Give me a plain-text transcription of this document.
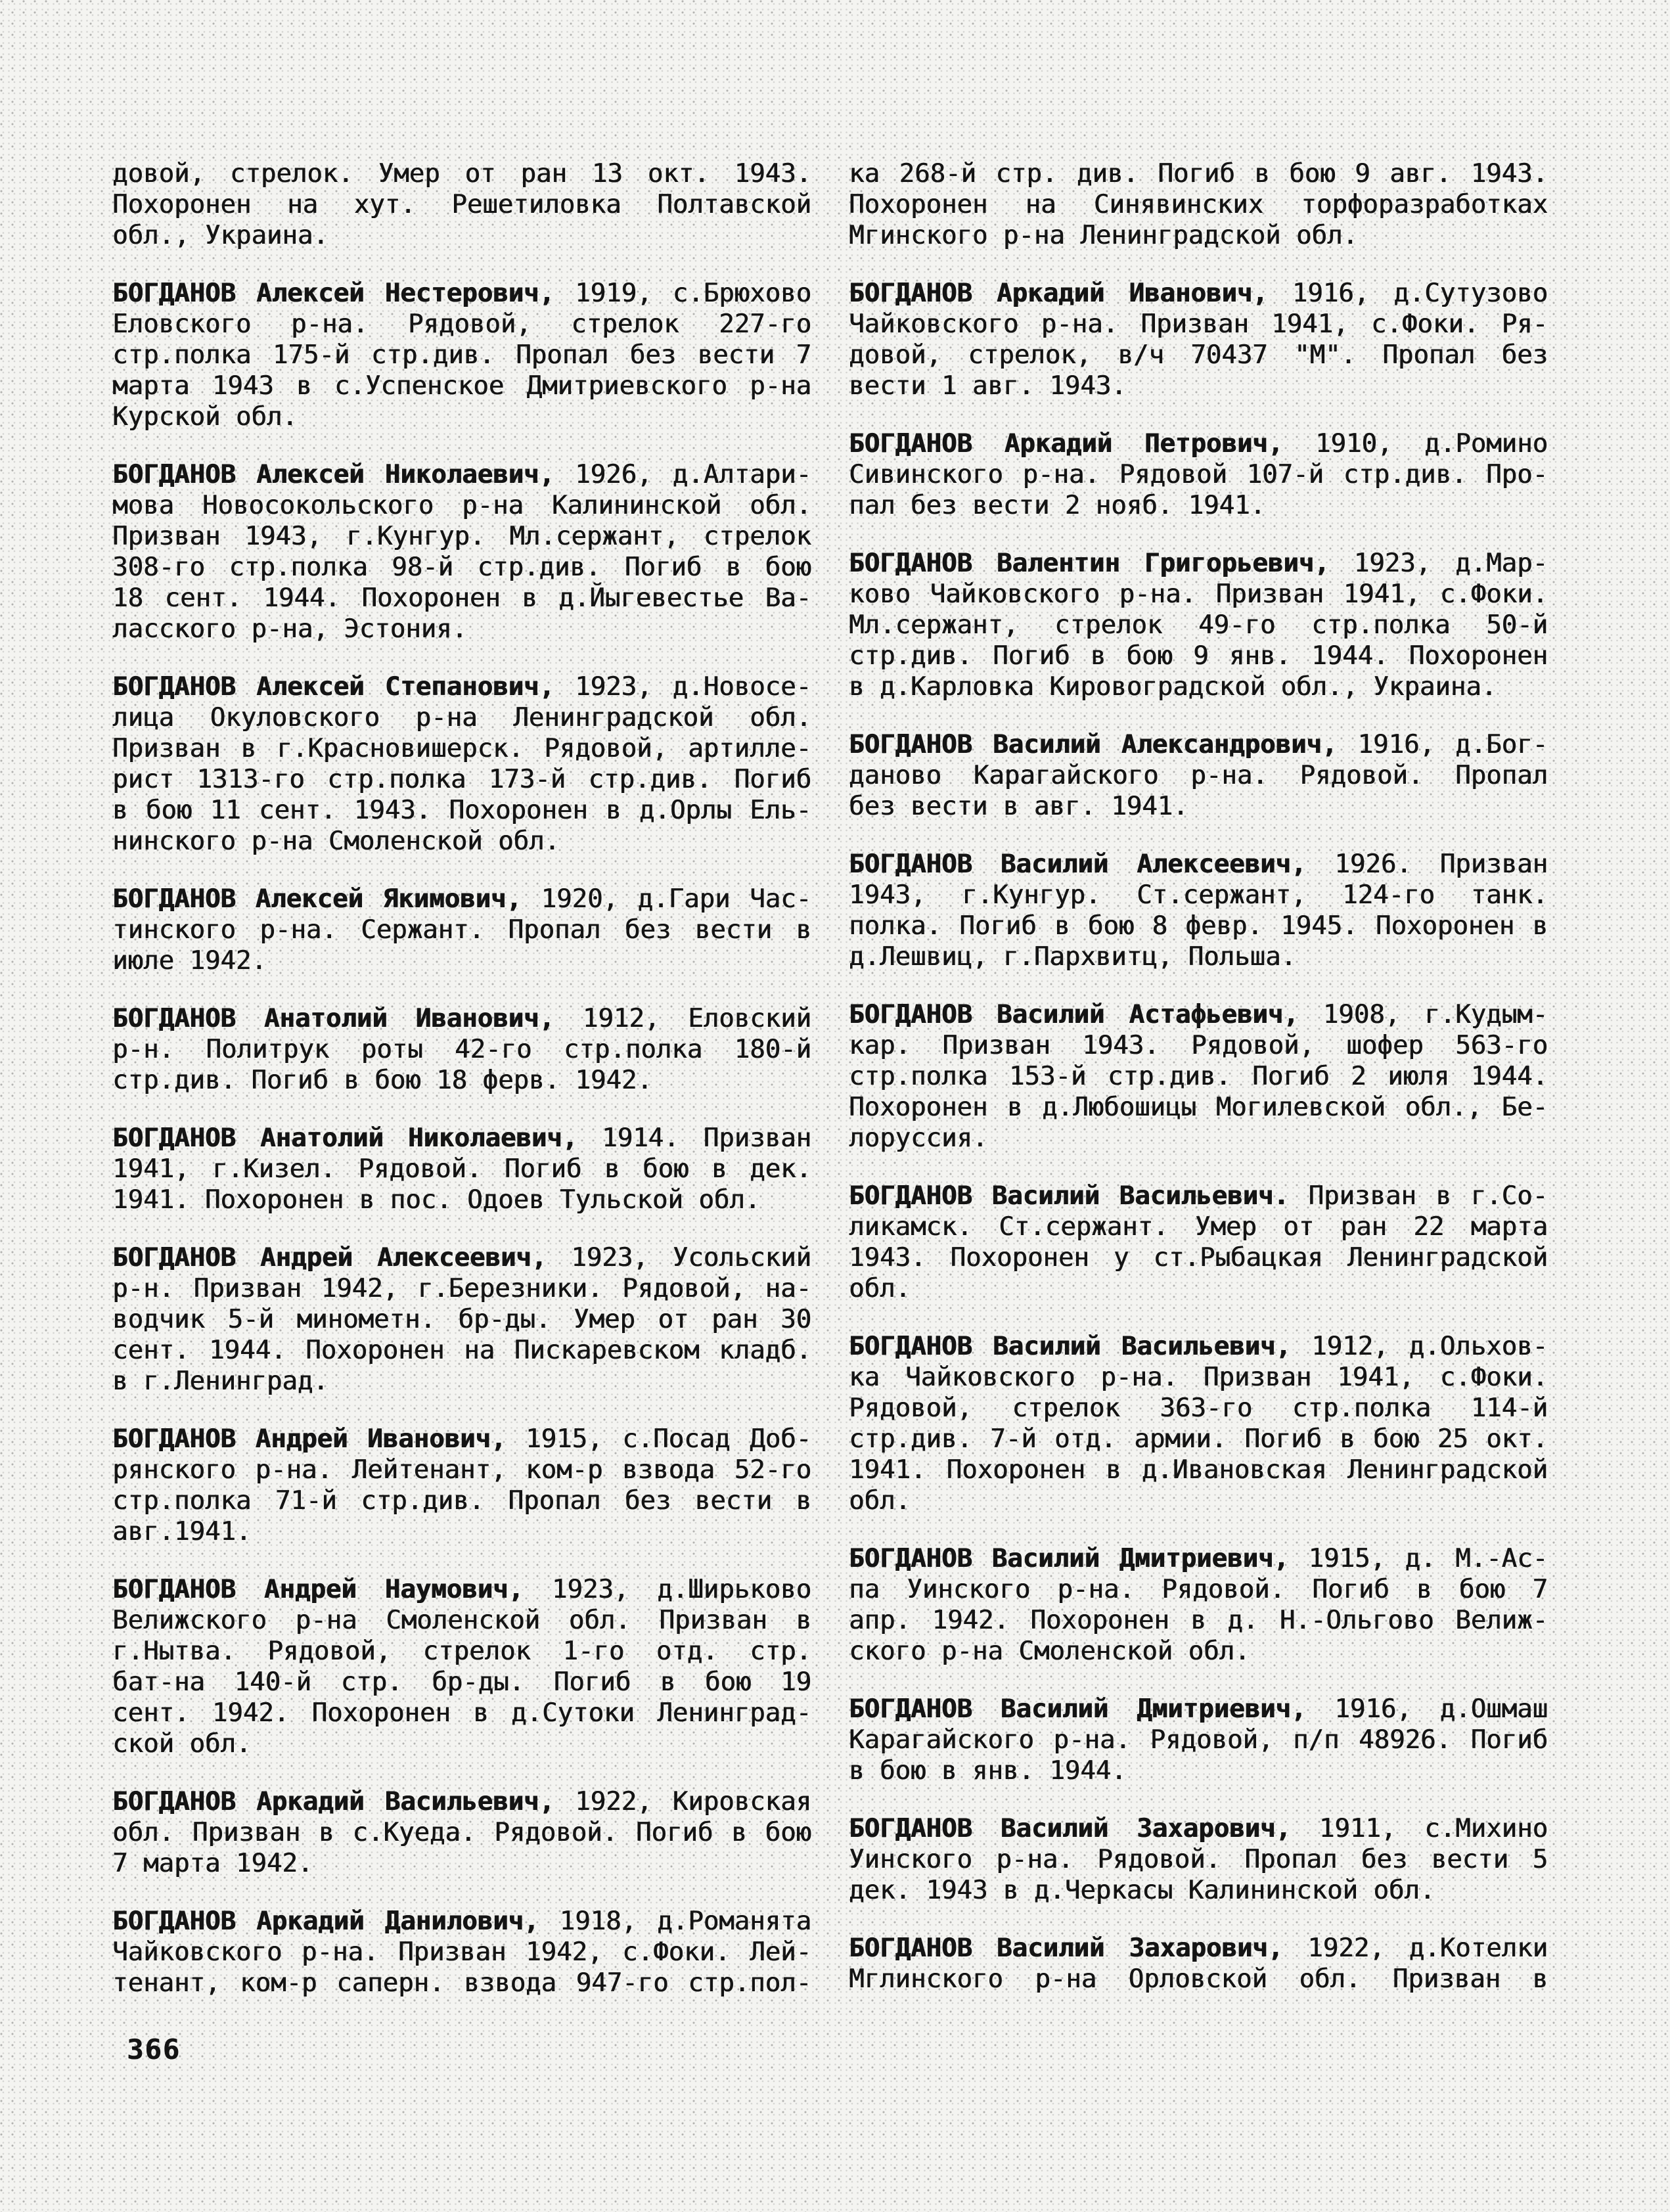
довой, стрелок. Умер от ран 13 окт. 1943.
Похоронен на хут. Решетиловка Полтавской
обл., Украина.
БОГДАНОВ Алексей Нестерович, 1919, с.Брюхово
Еловского р-на. Рядовой, стрелок 227-го
стр.полка 175-й стр.див. Пропал без вести 7
марта 1943 в с.Успенское Дмитриевского р-на
Курской обл.
БОГДАНОВ Алексей Николаевич, 1926, д.Алтари-
мова Новосокольского р-на Калининской обл.
Призван 1943, г.Кунгур. Мл.сержант, стрелок
308-го стр.полка 98-й стр.див. Погиб в бою
18 сент. 1944. Похоронен в д.Йыгевестье Ва-
ласского р-на, Эстония.
БОГДАНОВ Алексей Степанович, 1923, д.Новосе-
лица Окуловского р-на Ленинградской обл.
Призван в г.Красновишерск. Рядовой, артилле-
рист 1313-го стр.полка 173-й стр.див. Погиб
в бою 11 сент. 1943. Похоронен в д.Орлы Ель-
нинского р-на Смоленской обл.
БОГДАНОВ Алексей Якимович, 1920, д.Гари Час-
тинского р-на. Сержант. Пропал без вести в
июле 1942.
БОГДАНОВ Анатолий Иванович, 1912, Еловский
р-н. Политрук роты 42-го стр.полка 180-й
стр.див. Погиб в бою 18 ферв. 1942.
БОГДАНОВ Анатолий Николаевич, 1914. Призван
1941, г.Кизел. Рядовой. Погиб в бою в дек.
1941. Похоронен в пос. Одоев Тульской обл.
БОГДАНОВ Андрей Алексеевич, 1923, Усольский
р-н. Призван 1942, г.Березники. Рядовой, на-
водчик 5-й минометн. бр-ды. Умер от ран 30
сент. 1944. Похоронен на Пискаревском кладб.
в г.Ленинград.
БОГДАНОВ Андрей Иванович, 1915, с.Посад Доб-
рянского р-на. Лейтенант, ком-р взвода 52-го
стр.полка 71-й стр.див. Пропал без вести в
авг.1941.
БОГДАНОВ Андрей Наумович, 1923, д.Ширьково
Велижского р-на Смоленской обл. Призван в
г.Нытва. Рядовой, стрелок 1-го отд. стр.
бат-на 140-й стр. бр-ды. Погиб в бою 19
сент. 1942. Похоронен в д.Сутоки Ленинград-
ской обл.
БОГДАНОВ Аркадий Васильевич, 1922, Кировская
обл. Призван в с.Куеда. Рядовой. Погиб в бою
7 марта 1942.
БОГДАНОВ Аркадий Данилович, 1918, д.Романята
Чайковского р-на. Призван 1942, с.Фоки. Лей-
тенант, ком-р саперн. взвода 947-го стр.пол-
ка 268-й стр. див. Погиб в бою 9 авг. 1943.
Похоронен на Синявинских торфоразработках
Мгинского р-на Ленинградской обл.
БОГДАНОВ Аркадий Иванович, 1916, д.Сутузово
Чайковского р-на. Призван 1941, с.Фоки. Ря-
довой, стрелок, в/ч 70437 "М". Пропал без
вести 1 авг. 1943.
БОГДАНОВ Аркадий Петрович, 1910, д.Ромино
Сивинского р-на. Рядовой 107-й стр.див. Про-
пал без вести 2 нояб. 1941.
БОГДАНОВ Валентин Григорьевич, 1923, д.Мар-
ково Чайковского р-на. Призван 1941, с.Фоки.
Мл.сержант, стрелок 49-го стр.полка 50-й
стр.див. Погиб в бою 9 янв. 1944. Похоронен
в д.Карловка Кировоградской обл., Украина.
БОГДАНОВ Василий Александрович, 1916, д.Бог-
даново Карагайского р-на. Рядовой. Пропал
без вести в авг. 1941.
БОГДАНОВ Василий Алексеевич, 1926. Призван
1943, г.Кунгур. Ст.сержант, 124-го танк.
полка. Погиб в бою 8 февр. 1945. Похоронен в
д.Лешвиц, г.Пархвитц, Польша.
БОГДАНОВ Василий Астафьевич, 1908, г.Кудым-
кар. Призван 1943. Рядовой, шофер 563-го
стр.полка 153-й стр.див. Погиб 2 июля 1944.
Похоронен в д.Любошицы Могилевской обл., Бе-
лоруссия.
БОГДАНОВ Василий Васильевич. Призван в г.Со-
ликамск. Ст.сержант. Умер от ран 22 марта
1943. Похоронен у ст.Рыбацкая Ленинградской
обл.
БОГДАНОВ Василий Васильевич, 1912, д.Ольхов-
ка Чайковского р-на. Призван 1941, с.Фоки.
Рядовой, стрелок 363-го стр.полка 114-й
стр.див. 7-й отд. армии. Погиб в бою 25 окт.
1941. Похоронен в д.Ивановская Ленинградской
обл.
БОГДАНОВ Василий Дмитриевич, 1915, д. М.-Ас-
па Уинского р-на. Рядовой. Погиб в бою 7
апр. 1942. Похоронен в д. Н.-Ольгово Велиж-
ского р-на Смоленской обл.
БОГДАНОВ Василий Дмитриевич, 1916, д.Ошмаш
Карагайского р-на. Рядовой, п/п 48926. Погиб
в бою в янв. 1944.
БОГДАНОВ Василий Захарович, 1911, с.Михино
Уинского р-на. Рядовой. Пропал без вести 5
дек. 1943 в д.Черкасы Калининской обл.
БОГДАНОВ Василий Захарович, 1922, д.Котелки
Мглинского р-на Орловской обл. Призван в
366
